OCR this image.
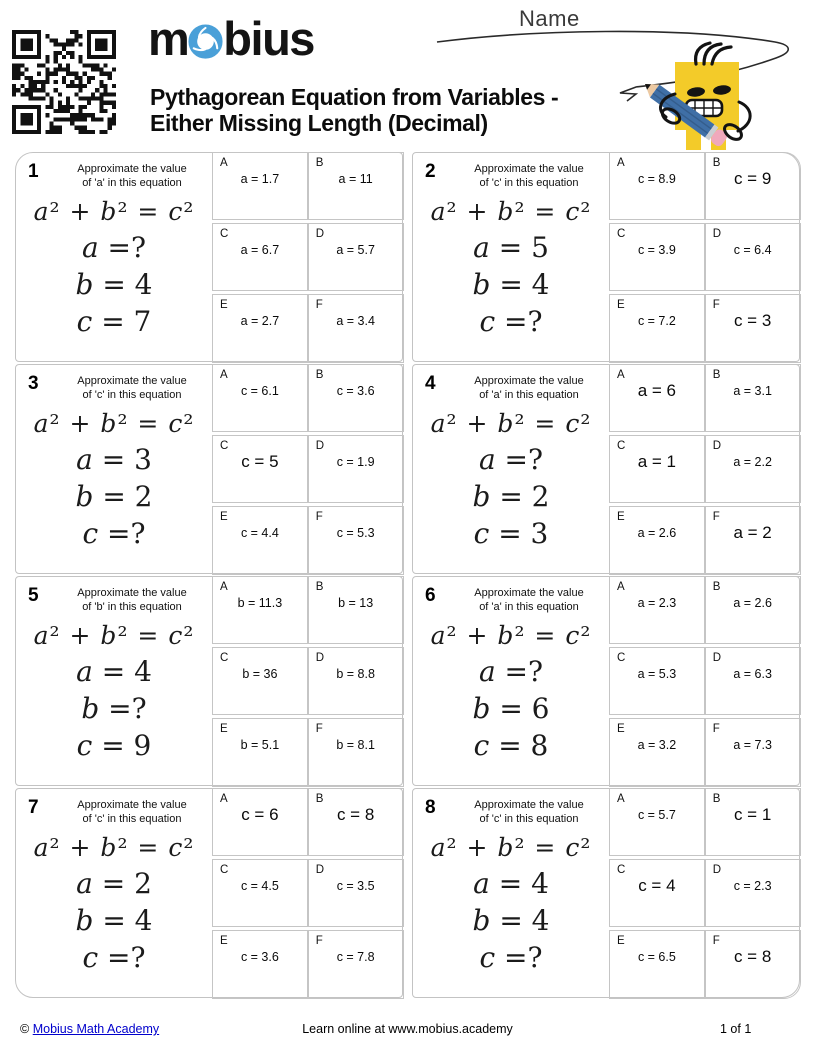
m bius
Pythagorean Equation from Variables -
Either Missing Length (Decimal)
Name
1	Approximate the value
of 'a' in this equation
a² + b² = c²
a =?
b = 4
c = 7
A
a = 1.7
B
a = 11
C
a = 6.7
D
a = 5.7
E
a = 2.7
F
a = 3.4
2	Approximate the value
of 'c' in this equation
a² + b² = c²
a = 5
b = 4
c =?
A
c = 8.9
B
c = 9
C
c = 3.9
D
c = 6.4
E
c = 7.2
F
c = 3
3	Approximate the value
of 'c' in this equation
a² + b² = c²
a = 3
b = 2
c =?
A
c = 6.1
B
c = 3.6
C
c = 5
D
c = 1.9
E
c = 4.4
F
c = 5.3
4	Approximate the value
of 'a' in this equation
a² + b² = c²
a =?
b = 2
c = 3
A
a = 6
B
a = 3.1
C
a = 1
D
a = 2.2
E
a = 2.6
F
a = 2
5	Approximate the value
of 'b' in this equation
a² + b² = c²
a = 4
b =?
c = 9
A
b = 11.3
B
b = 13
C
b = 36
D
b = 8.8
E
b = 5.1
F
b = 8.1
6	Approximate the value
of 'a' in this equation
a² + b² = c²
a =?
b = 6
c = 8
A
a = 2.3
B
a = 2.6
C
a = 5.3
D
a = 6.3
E
a = 3.2
F
a = 7.3
7	Approximate the value
of 'c' in this equation
a² + b² = c²
a = 2
b = 4
c =?
A
c = 6
B
c = 8
C
c = 4.5
D
c = 3.5
E
c = 3.6
F
c = 7.8
8	Approximate the value
of 'c' in this equation
a² + b² = c²
a = 4
b = 4
c =?
A
c = 5.7
B
c = 1
C
c = 4
D
c = 2.3
E
c = 6.5
F
c = 8
© Mobius Math Academy	Learn online at www.mobius.academy	1 of 1
